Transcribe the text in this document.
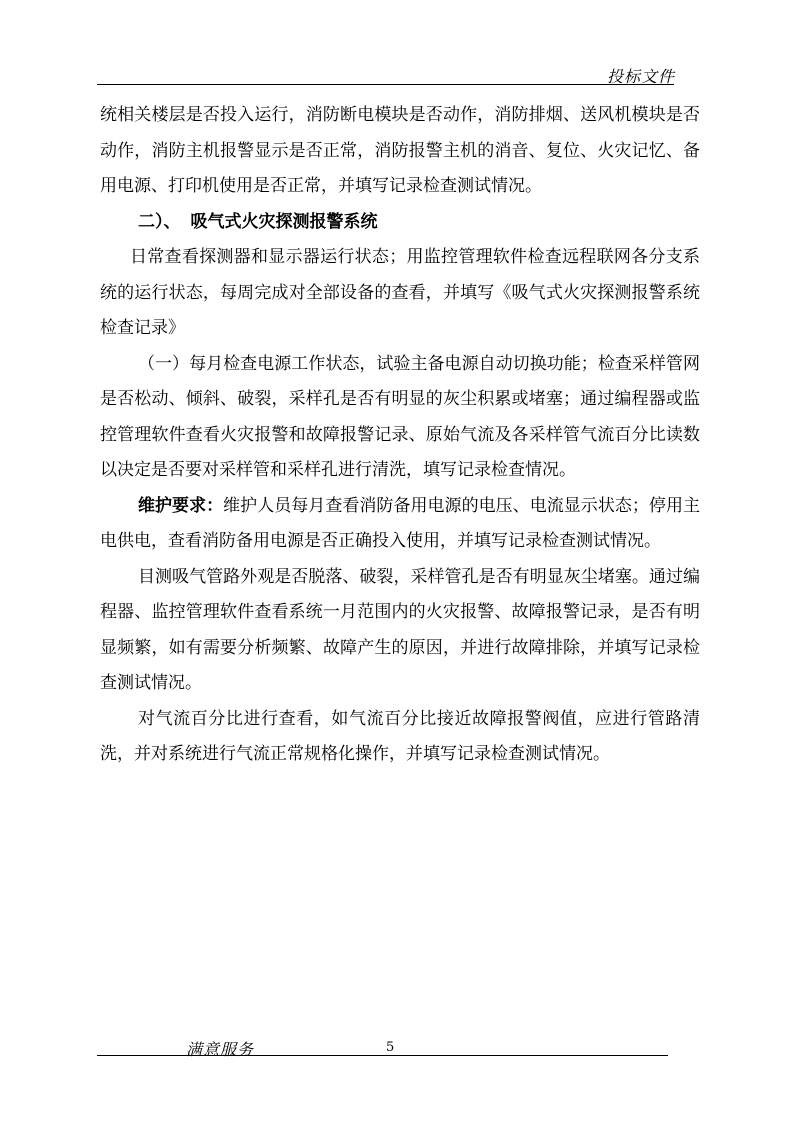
投标文件

统相关楼层是否投入运行，消防断电模块是否动作，消防排烟、送风机模块是否动作，消防主机报警显示是否正常，消防报警主机的消音、复位、火灾记忆、备用电源、打印机使用是否正常，并填写记录检查测试情况。

二）、 吸气式火灾探测报警系统

日常查看探测器和显示器运行状态；用监控管理软件检查远程联网各分支系统的运行状态，每周完成对全部设备的查看，并填写《吸气式火灾探测报警系统检查记录》

（一）每月检查电源工作状态，试验主备电源自动切换功能；检查采样管网是否松动、倾斜、破裂，采样孔是否有明显的灰尘积累或堵塞；通过编程器或监控管理软件查看火灾报警和故障报警记录、原始气流及各采样管气流百分比读数以决定是否要对采样管和采样孔进行清洗，填写记录检查情况。

维护要求：维护人员每月查看消防备用电源的电压、电流显示状态；停用主电供电，查看消防备用电源是否正确投入使用，并填写记录检查测试情况。

目测吸气管路外观是否脱落、破裂，采样管孔是否有明显灰尘堵塞。通过编程器、监控管理软件查看系统一月范围内的火灾报警、故障报警记录，是否有明显频繁，如有需要分析频繁、故障产生的原因，并进行故障排除，并填写记录检查测试情况。

对气流百分比进行查看，如气流百分比接近故障报警阀值，应进行管路清洗，并对系统进行气流正常规格化操作，并填写记录检查测试情况。

满意服务	5
